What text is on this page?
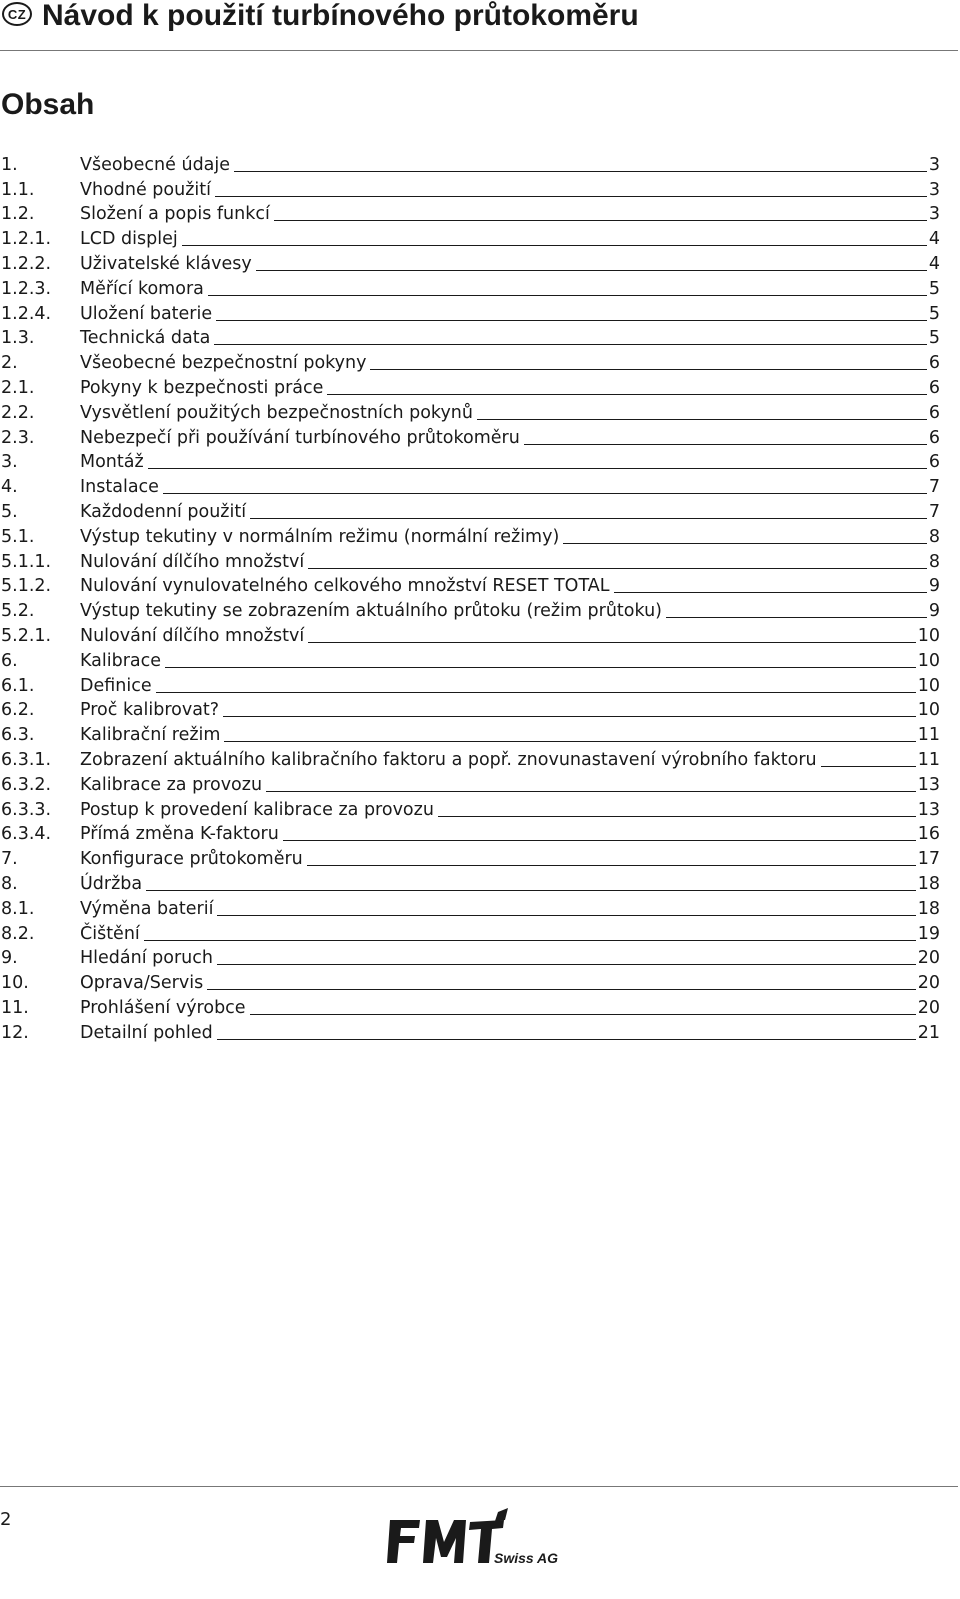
CZ Návod k použití turbínového průtokoměru
Obsah
1.	Všeobecné údaje	3
1.1.	Vhodné použití	3
1.2.	Složení a popis funkcí	3
1.2.1.	LCD displej	4
1.2.2.	Uživatelské klávesy	4
1.2.3.	Měřící komora	5
1.2.4.	Uložení baterie	5
1.3.	Technická data	5
2.	Všeobecné bezpečnostní pokyny	6
2.1.	Pokyny k bezpečnosti práce	6
2.2.	Vysvětlení použitých bezpečnostních pokynů	6
2.3.	Nebezpečí při používání turbínového průtokoměru	6
3.	Montáž	6
4.	Instalace	7
5.	Každodenní použití	7
5.1.	Výstup tekutiny v normálním režimu (normální režimy)	8
5.1.1.	Nulování dílčího množství	8
5.1.2.	Nulování vynulovatelného celkového množství RESET TOTAL	9
5.2.	Výstup tekutiny se zobrazením aktuálního průtoku (režim průtoku)	9
5.2.1.	Nulování dílčího množství	10
6.	Kalibrace	10
6.1.	Definice	10
6.2.	Proč kalibrovat?	10
6.3.	Kalibrační režim	11
6.3.1.	Zobrazení aktuálního kalibračního faktoru a popř. znovunastavení výrobního faktoru	11
6.3.2.	Kalibrace za provozu	13
6.3.3.	Postup k provedení kalibrace za provozu	13
6.3.4.	Přímá změna K-faktoru	16
7.	Konfigurace průtokoměru	17
8.	Údržba	18
8.1.	Výměna baterií	18
8.2.	Čištění	19
9.	Hledání poruch	20
10.	Oprava/Servis	20
11.	Prohlášení výrobce	20
12.	Detailní pohled	21
2
Swiss AG
